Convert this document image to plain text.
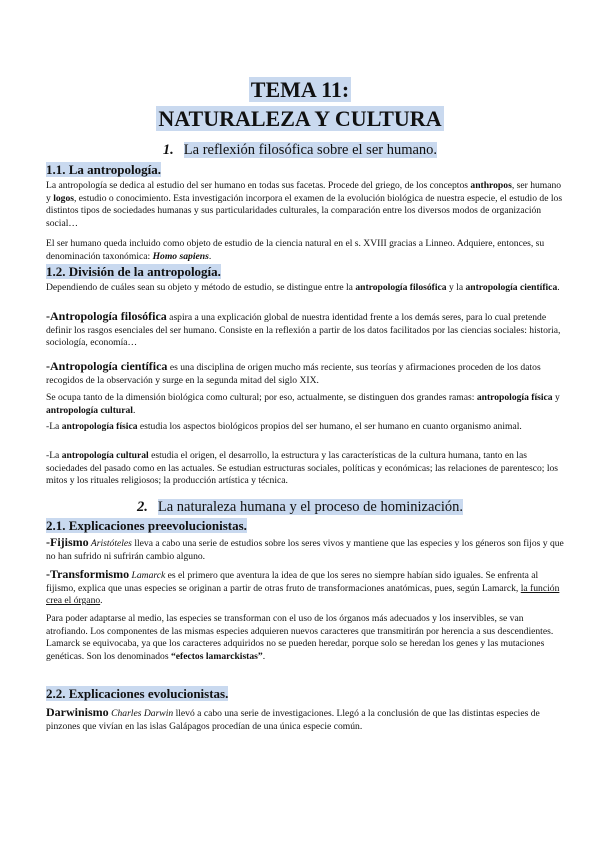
TEMA 11:
NATURALEZA Y CULTURA
1. La reflexión filosófica sobre el ser humano.
1.1. La antropología.
La antropología se dedica al estudio del ser humano en todas sus facetas. Procede del griego, de los conceptos anthropos, ser humano y logos, estudio o conocimiento. Esta investigación incorpora el examen de la evolución biológica de nuestra especie, el estudio de los distintos tipos de sociedades humanas y sus particularidades culturales, la comparación entre los diversos modos de organización social…
El ser humano queda incluido como objeto de estudio de la ciencia natural en el s. XVIII gracias a Linneo. Adquiere, entonces, su denominación taxonómica: Homo sapiens.
1.2. División de la antropología.
Dependiendo de cuáles sean su objeto y método de estudio, se distingue entre la antropología filosófica y la antropología científica.
-Antropología filosófica aspira a una explicación global de nuestra identidad frente a los demás seres, para lo cual pretende definir los rasgos esenciales del ser humano. Consiste en la reflexión a partir de los datos facilitados por las ciencias sociales: historia, sociología, economía…
-Antropología científica es una disciplina de origen mucho más reciente, sus teorías y afirmaciones proceden de los datos recogidos de la observación y surge en la segunda mitad del siglo XIX.
Se ocupa tanto de la dimensión biológica como cultural; por eso, actualmente, se distinguen dos grandes ramas: antropología física y antropología cultural.
-La antropología física estudia los aspectos biológicos propios del ser humano, el ser humano en cuanto organismo animal.
-La antropología cultural estudia el origen, el desarrollo, la estructura y las características de la cultura humana, tanto en las sociedades del pasado como en las actuales. Se estudian estructuras sociales, políticas y económicas; las relaciones de parentesco; los mitos y los rituales religiosos; la producción artística y técnica.
2. La naturaleza humana y el proceso de hominización.
2.1. Explicaciones preevolucionistas.
-Fijismo Aristóteles lleva a cabo una serie de estudios sobre los seres vivos y mantiene que las especies y los géneros son fijos y que no han sufrido ni sufrirán cambio alguno.
-Transformismo Lamarck es el primero que aventura la idea de que los seres no siempre habían sido iguales. Se enfrenta al fijismo, explica que unas especies se originan a partir de otras fruto de transformaciones anatómicas, pues, según Lamarck, la función crea el órgano.
Para poder adaptarse al medio, las especies se transforman con el uso de los órganos más adecuados y los inservibles, se van atrofiando. Los componentes de las mismas especies adquieren nuevos caracteres que transmitirán por herencia a sus descendientes. Lamarck se equivocaba, ya que los caracteres adquiridos no se pueden heredar, porque solo se heredan los genes y las mutaciones genéticas. Son los denominados “efectos lamarckistas”.
2.2. Explicaciones evolucionistas.
Darwinismo Charles Darwin llevó a cabo una serie de investigaciones. Llegó a la conclusión de que las distintas especies de pinzones que vivían en las islas Galápagos procedían de una única especie común.
